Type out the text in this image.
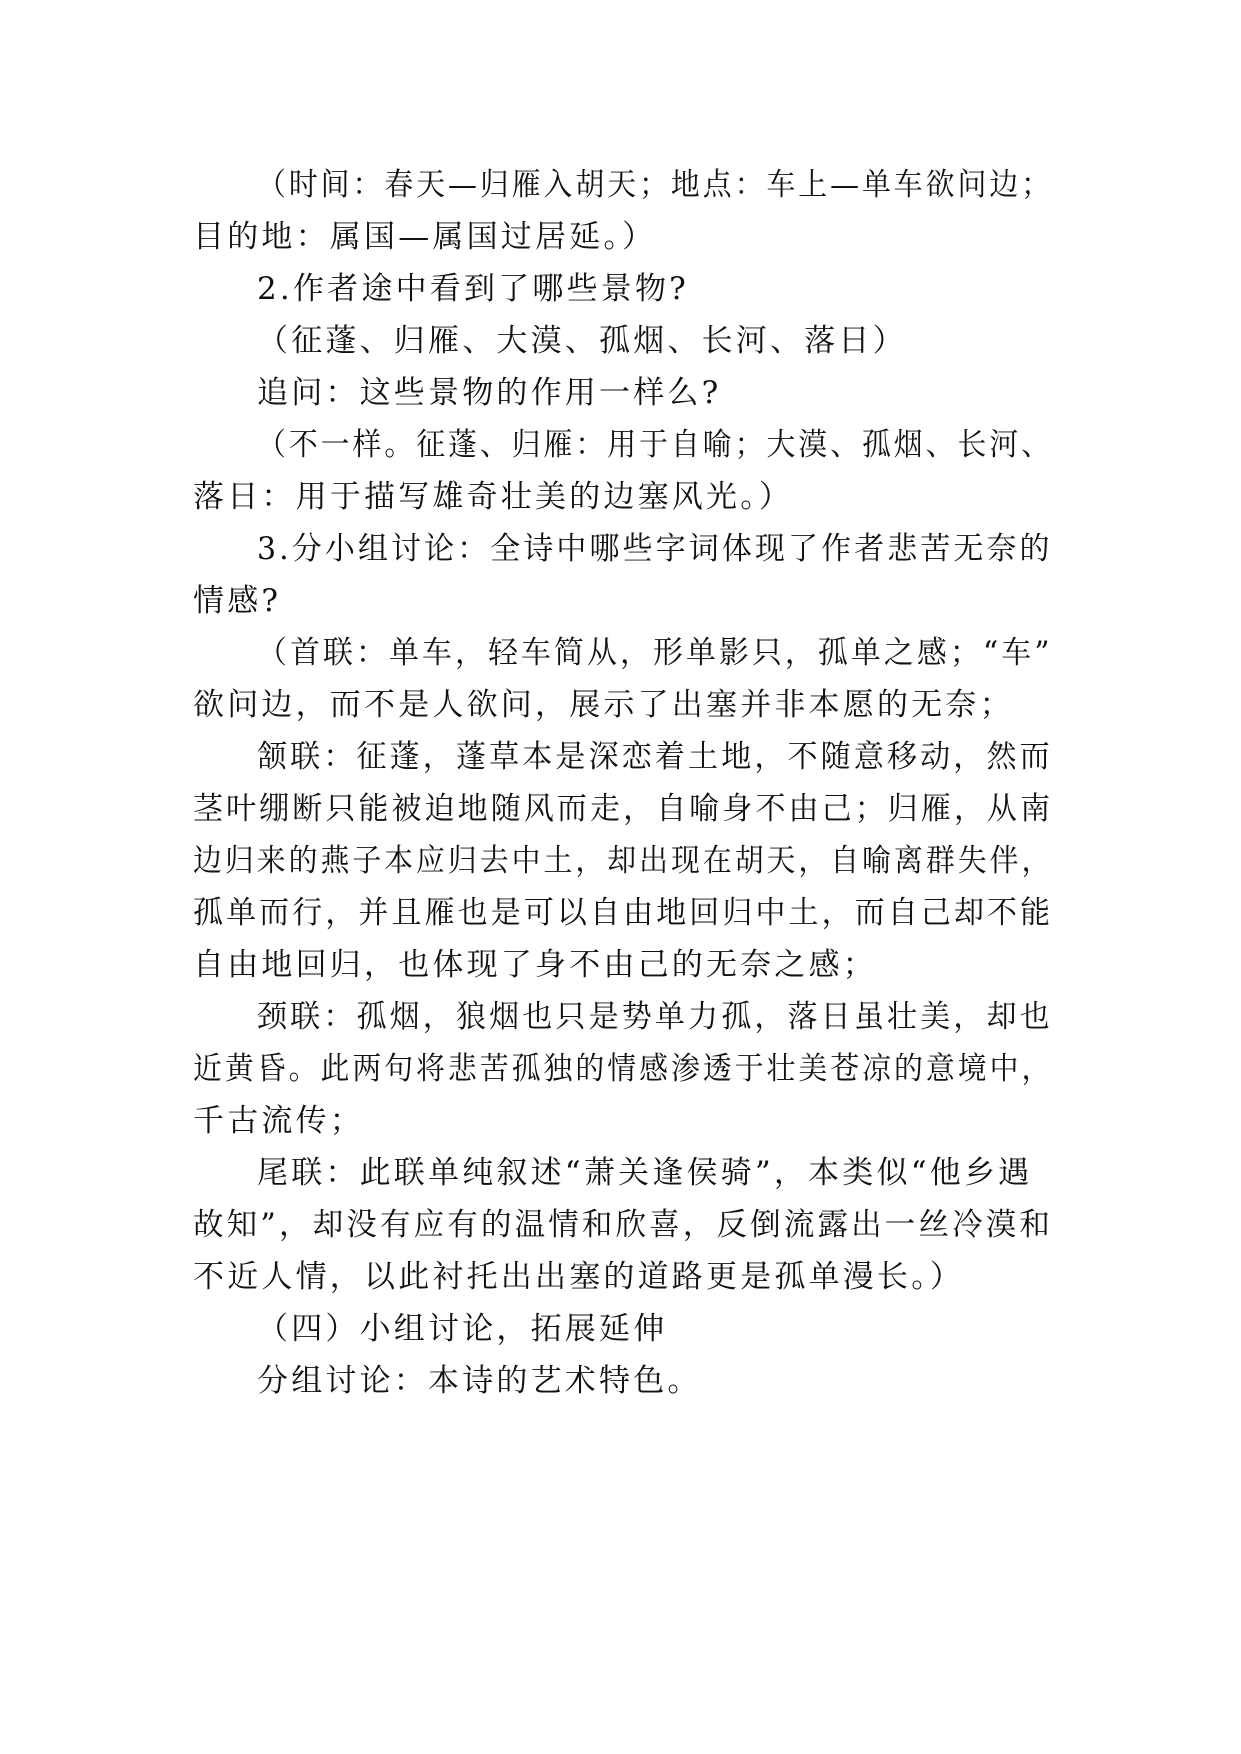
（时间：春天—归雁入胡天；地点：车上—单车欲问边；
目的地：属国—属国过居延。）
2.作者途中看到了哪些景物?
（征蓬、归雁、大漠、孤烟、长河、落日）
追问：这些景物的作用一样么?
（不一样。征蓬、归雁：用于自喻；大漠、孤烟、长河、
落日：用于描写雄奇壮美的边塞风光。）
3.分小组讨论：全诗中哪些字词体现了作者悲苦无奈的
情感?
（首联：单车，轻车简从，形单影只，孤单之感；“车”
欲问边，而不是人欲问，展示了出塞并非本愿的无奈；
颔联：征蓬，蓬草本是深恋着土地，不随意移动，然而
茎叶绷断只能被迫地随风而走，自喻身不由己；归雁，从南
边归来的燕子本应归去中土，却出现在胡天，自喻离群失伴，
孤单而行，并且雁也是可以自由地回归中土，而自己却不能
自由地回归，也体现了身不由己的无奈之感；
颈联：孤烟，狼烟也只是势单力孤，落日虽壮美，却也
近黄昏。此两句将悲苦孤独的情感渗透于壮美苍凉的意境中，
千古流传；
尾联：此联单纯叙述“萧关逢侯骑”，本类似“他乡遇
故知”，却没有应有的温情和欣喜，反倒流露出一丝冷漠和
不近人情，以此衬托出出塞的道路更是孤单漫长。）
（四）小组讨论，拓展延伸
分组讨论：本诗的艺术特色。
